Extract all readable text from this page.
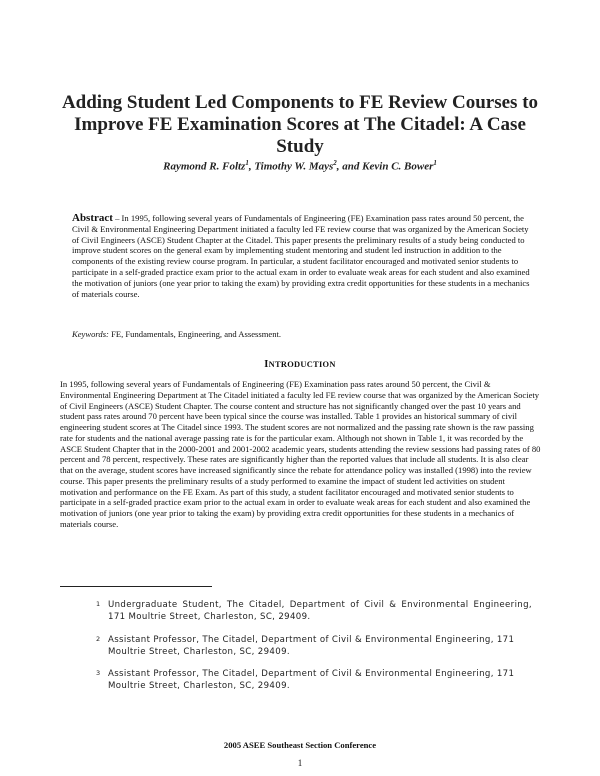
Adding Student Led Components to FE Review Courses to Improve FE Examination Scores at The Citadel: A Case Study
Raymond R. Foltz$^1$, Timothy W. Mays$^2$, and Kevin C. Bower$^1$
Abstract – In 1995, following several years of Fundamentals of Engineering (FE) Examination pass rates around 50 percent, the Civil & Environmental Engineering Department initiated a faculty led FE review course that was organized by the American Society of Civil Engineers (ASCE) Student Chapter at the Citadel. This paper presents the preliminary results of a study being conducted to improve student scores on the general exam by implementing student mentoring and student led instruction in addition to the components of the existing review course program. In particular, a student facilitator encouraged and motivated senior students to participate in a self-graded practice exam prior to the actual exam in order to evaluate weak areas for each student and also examined the motivation of juniors (one year prior to taking the exam) by providing extra credit opportunities for these students in a mechanics of materials course.
Keywords: FE, Fundamentals, Engineering, and Assessment.
INTRODUCTION
In 1995, following several years of Fundamentals of Engineering (FE) Examination pass rates around 50 percent, the Civil & Environmental Engineering Department at The Citadel initiated a faculty led FE review course that was organized by the American Society of Civil Engineers (ASCE) Student Chapter. The course content and structure has not significantly changed over the past 10 years and student pass rates around 70 percent have been typical since the course was installed. Table 1 provides an historical summary of civil engineering student scores at The Citadel since 1993. The student scores are not normalized and the passing rate shown is the raw passing rate for students and the national average passing rate is for the particular exam. Although not shown in Table 1, it was recorded by the ASCE Student Chapter that in the 2000-2001 and 2001-2002 academic years, students attending the review sessions had passing rates of 80 percent and 78 percent, respectively. These rates are significantly higher than the reported values that include all students. It is also clear that on the average, student scores have increased significantly since the rebate for attendance policy was installed (1998) into the review course. This paper presents the preliminary results of a study performed to examine the impact of student led activities on student motivation and performance on the FE Exam. As part of this study, a student facilitator encouraged and motivated senior students to participate in a self-graded practice exam prior to the actual exam in order to evaluate weak areas for each student and also examined the motivation of juniors (one year prior to taking the exam) by providing extra credit opportunities for these students in a mechanics of materials course.
1 Undergraduate Student, The Citadel, Department of Civil & Environmental Engineering, 171 Moultrie Street, Charleston, SC, 29409.
2 Assistant Professor, The Citadel, Department of Civil & Environmental Engineering, 171 Moultrie Street, Charleston, SC, 29409.
3 Assistant Professor, The Citadel, Department of Civil & Environmental Engineering, 171 Moultrie Street, Charleston, SC, 29409.
2005 ASEE Southeast Section Conference
1
